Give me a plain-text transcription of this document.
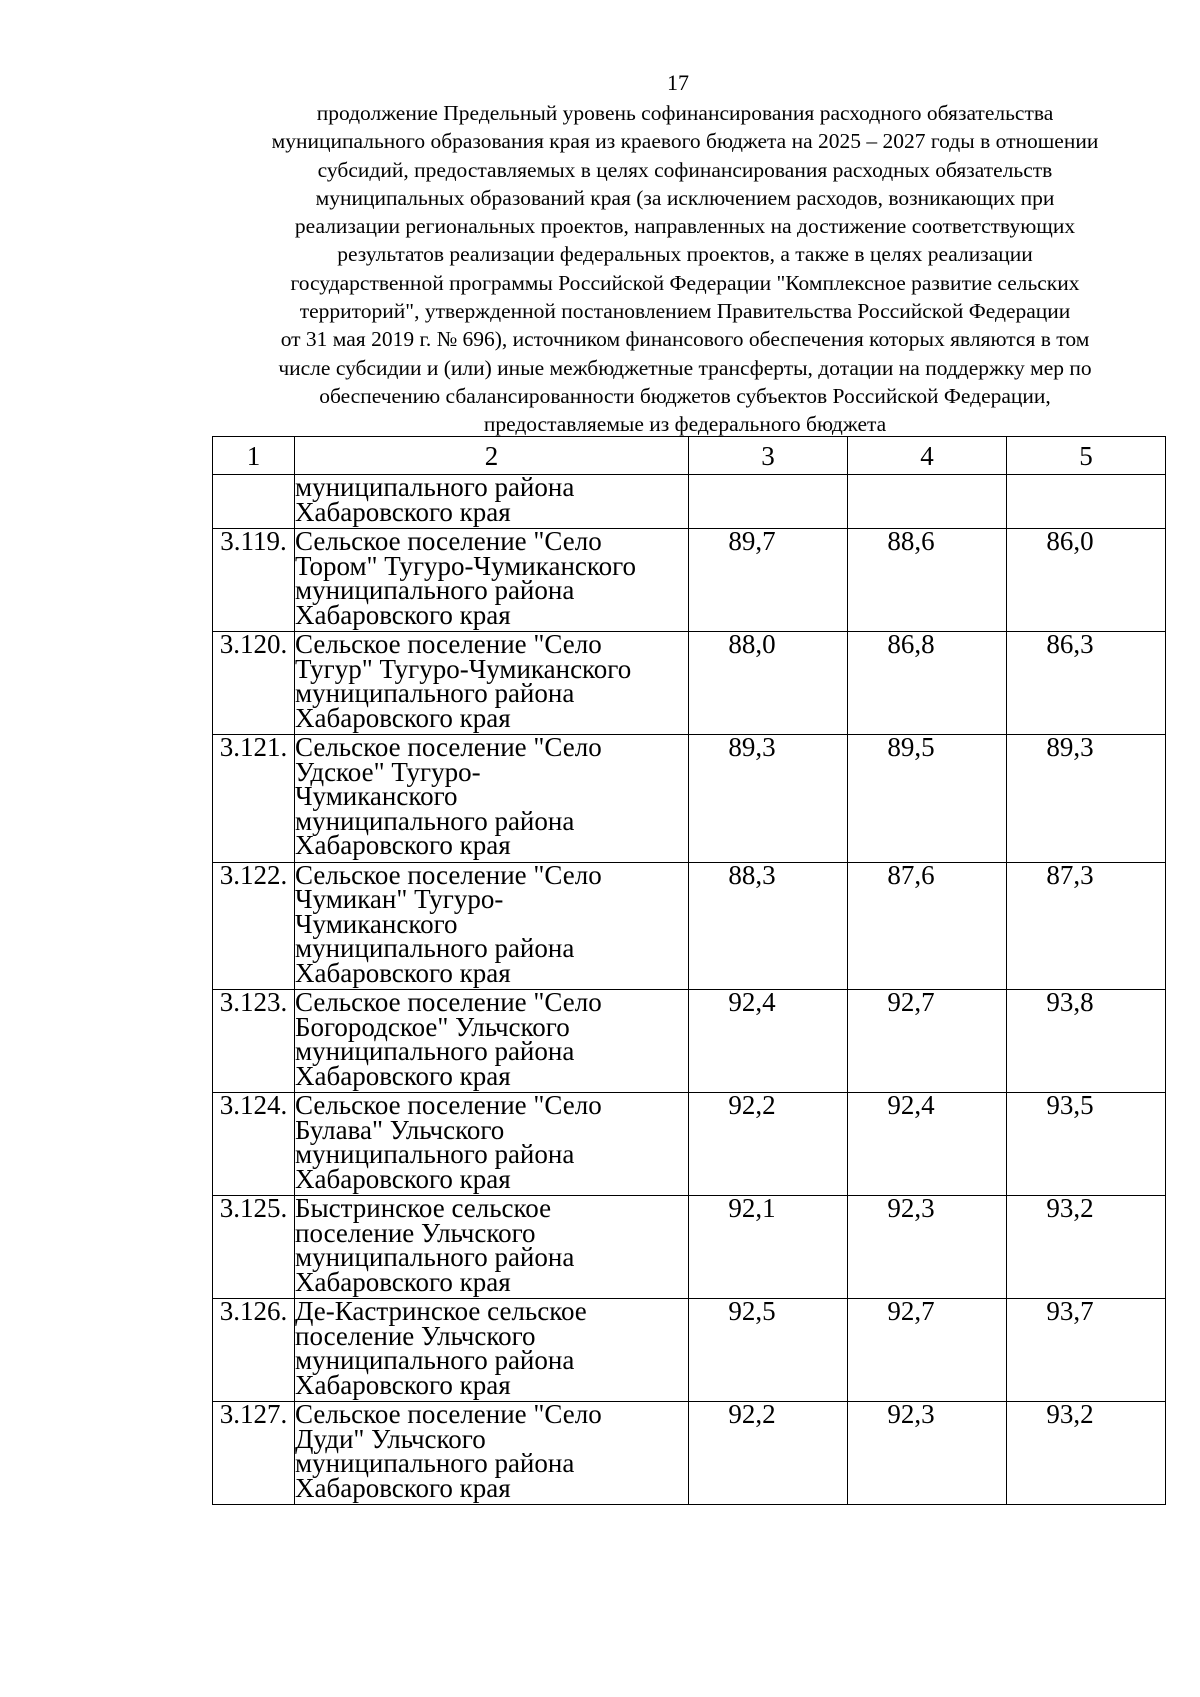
17
продолжение Предельный уровень софинансирования расходного обязательства
муниципального образования края из краевого бюджета на 2025 – 2027 годы в отношении
субсидий, предоставляемых в целях софинансирования расходных обязательств
муниципальных образований края (за исключением расходов, возникающих при
реализации региональных проектов, направленных на достижение соответствующих
результатов реализации федеральных проектов, а также в целях реализации
государственной программы Российской Федерации "Комплексное развитие сельских
территорий", утвержденной постановлением Правительства Российской Федерации
от 31 мая 2019 г. № 696), источником финансового обеспечения которых являются в том
числе субсидии и (или) иные межбюджетные трансферты, дотации на поддержку мер по
обеспечению сбалансированности бюджетов субъектов Российской Федерации,
предоставляемые из федерального бюджета
1	2	3	4	5

	муниципального района
Хабаровского края			

3.119.	Сельское поселение "Село
Тором" Тугуро-Чумиканского
муниципального района
Хабаровского края	89,7	88,6	86,0
3.120.	Сельское поселение "Село
Тугур" Тугуро-Чумиканского
муниципального района
Хабаровского края	88,0	86,8	86,3
3.121.	Сельское поселение "Село
Удское" Тугуро-
Чумиканского
муниципального района
Хабаровского края	89,3	89,5	89,3
3.122.	Сельское поселение "Село
Чумикан" Тугуро-
Чумиканского
муниципального района
Хабаровского края	88,3	87,6	87,3
3.123.	Сельское поселение "Село
Богородское" Ульчского
муниципального района
Хабаровского края	92,4	92,7	93,8
3.124.	Сельское поселение "Село
Булава" Ульчского
муниципального района
Хабаровского края	92,2	92,4	93,5
3.125.	Быстринское сельское
поселение Ульчского
муниципального района
Хабаровского края	92,1	92,3	93,2
3.126.	Де-Кастринское сельское
поселение Ульчского
муниципального района
Хабаровского края	92,5	92,7	93,7
3.127.	Сельское поселение "Село
Дуди" Ульчского
муниципального района
Хабаровского края	92,2	92,3	93,2
